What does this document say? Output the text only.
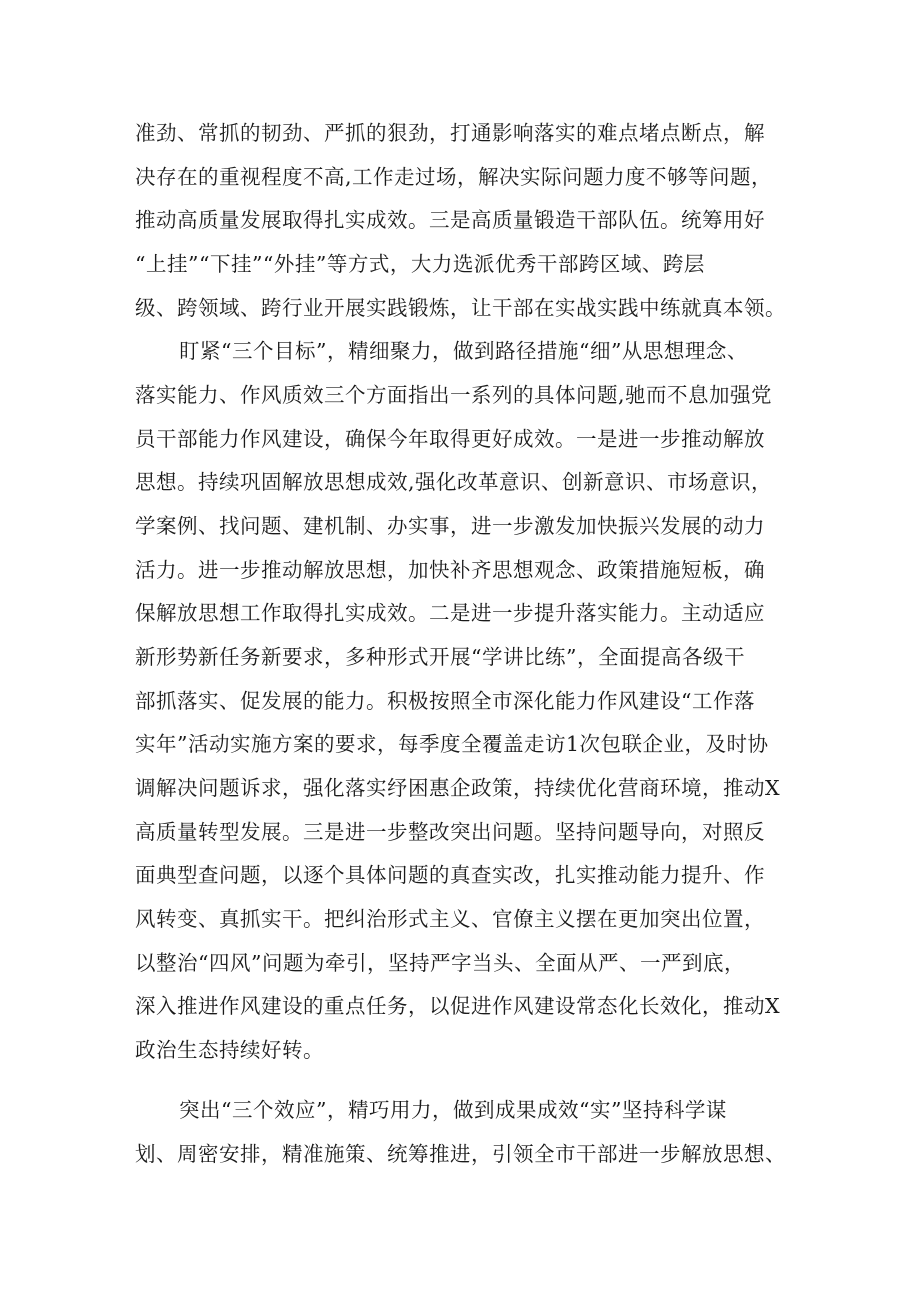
准劲、常抓的韧劲、严抓的狠劲，打通影响落实的难点堵点断点，解
决存在的重视程度不高,工作走过场，解决实际问题力度不够等问题，
推动高质量发展取得扎实成效。三是高质量锻造干部队伍。统筹用好
“上挂”“下挂”“外挂”等方式，大力选派优秀干部跨区域、跨层
级、跨领域、跨行业开展实践锻炼，让干部在实战实践中练就真本领。
盯紧“三个目标”，精细聚力，做到路径措施“细”从思想理念、
落实能力、作风质效三个方面指出一系列的具体问题,驰而不息加强党
员干部能力作风建设，确保今年取得更好成效。一是进一步推动解放
思想。持续巩固解放思想成效,强化改革意识、创新意识、市场意识，
学案例、找问题、建机制、办实事，进一步激发加快振兴发展的动力
活力。进一步推动解放思想，加快补齐思想观念、政策措施短板，确
保解放思想工作取得扎实成效。二是进一步提升落实能力。主动适应
新形势新任务新要求，多种形式开展“学讲比练”，全面提高各级干
部抓落实、促发展的能力。积极按照全市深化能力作风建设“工作落
实年”活动实施方案的要求，每季度全覆盖走访1次包联企业，及时协
调解决问题诉求，强化落实纾困惠企政策，持续优化营商环境，推动X
高质量转型发展。三是进一步整改突出问题。坚持问题导向，对照反
面典型查问题，以逐个具体问题的真查实改，扎实推动能力提升、作
风转变、真抓实干。把纠治形式主义、官僚主义摆在更加突出位置，
以整治“四风”问题为牵引，坚持严字当头、全面从严、一严到底，
深入推进作风建设的重点任务，以促进作风建设常态化长效化，推动X
政治生态持续好转。
突出“三个效应”，精巧用力，做到成果成效“实”坚持科学谋
划、周密安排，精准施策、统筹推进，引领全市干部进一步解放思想、
